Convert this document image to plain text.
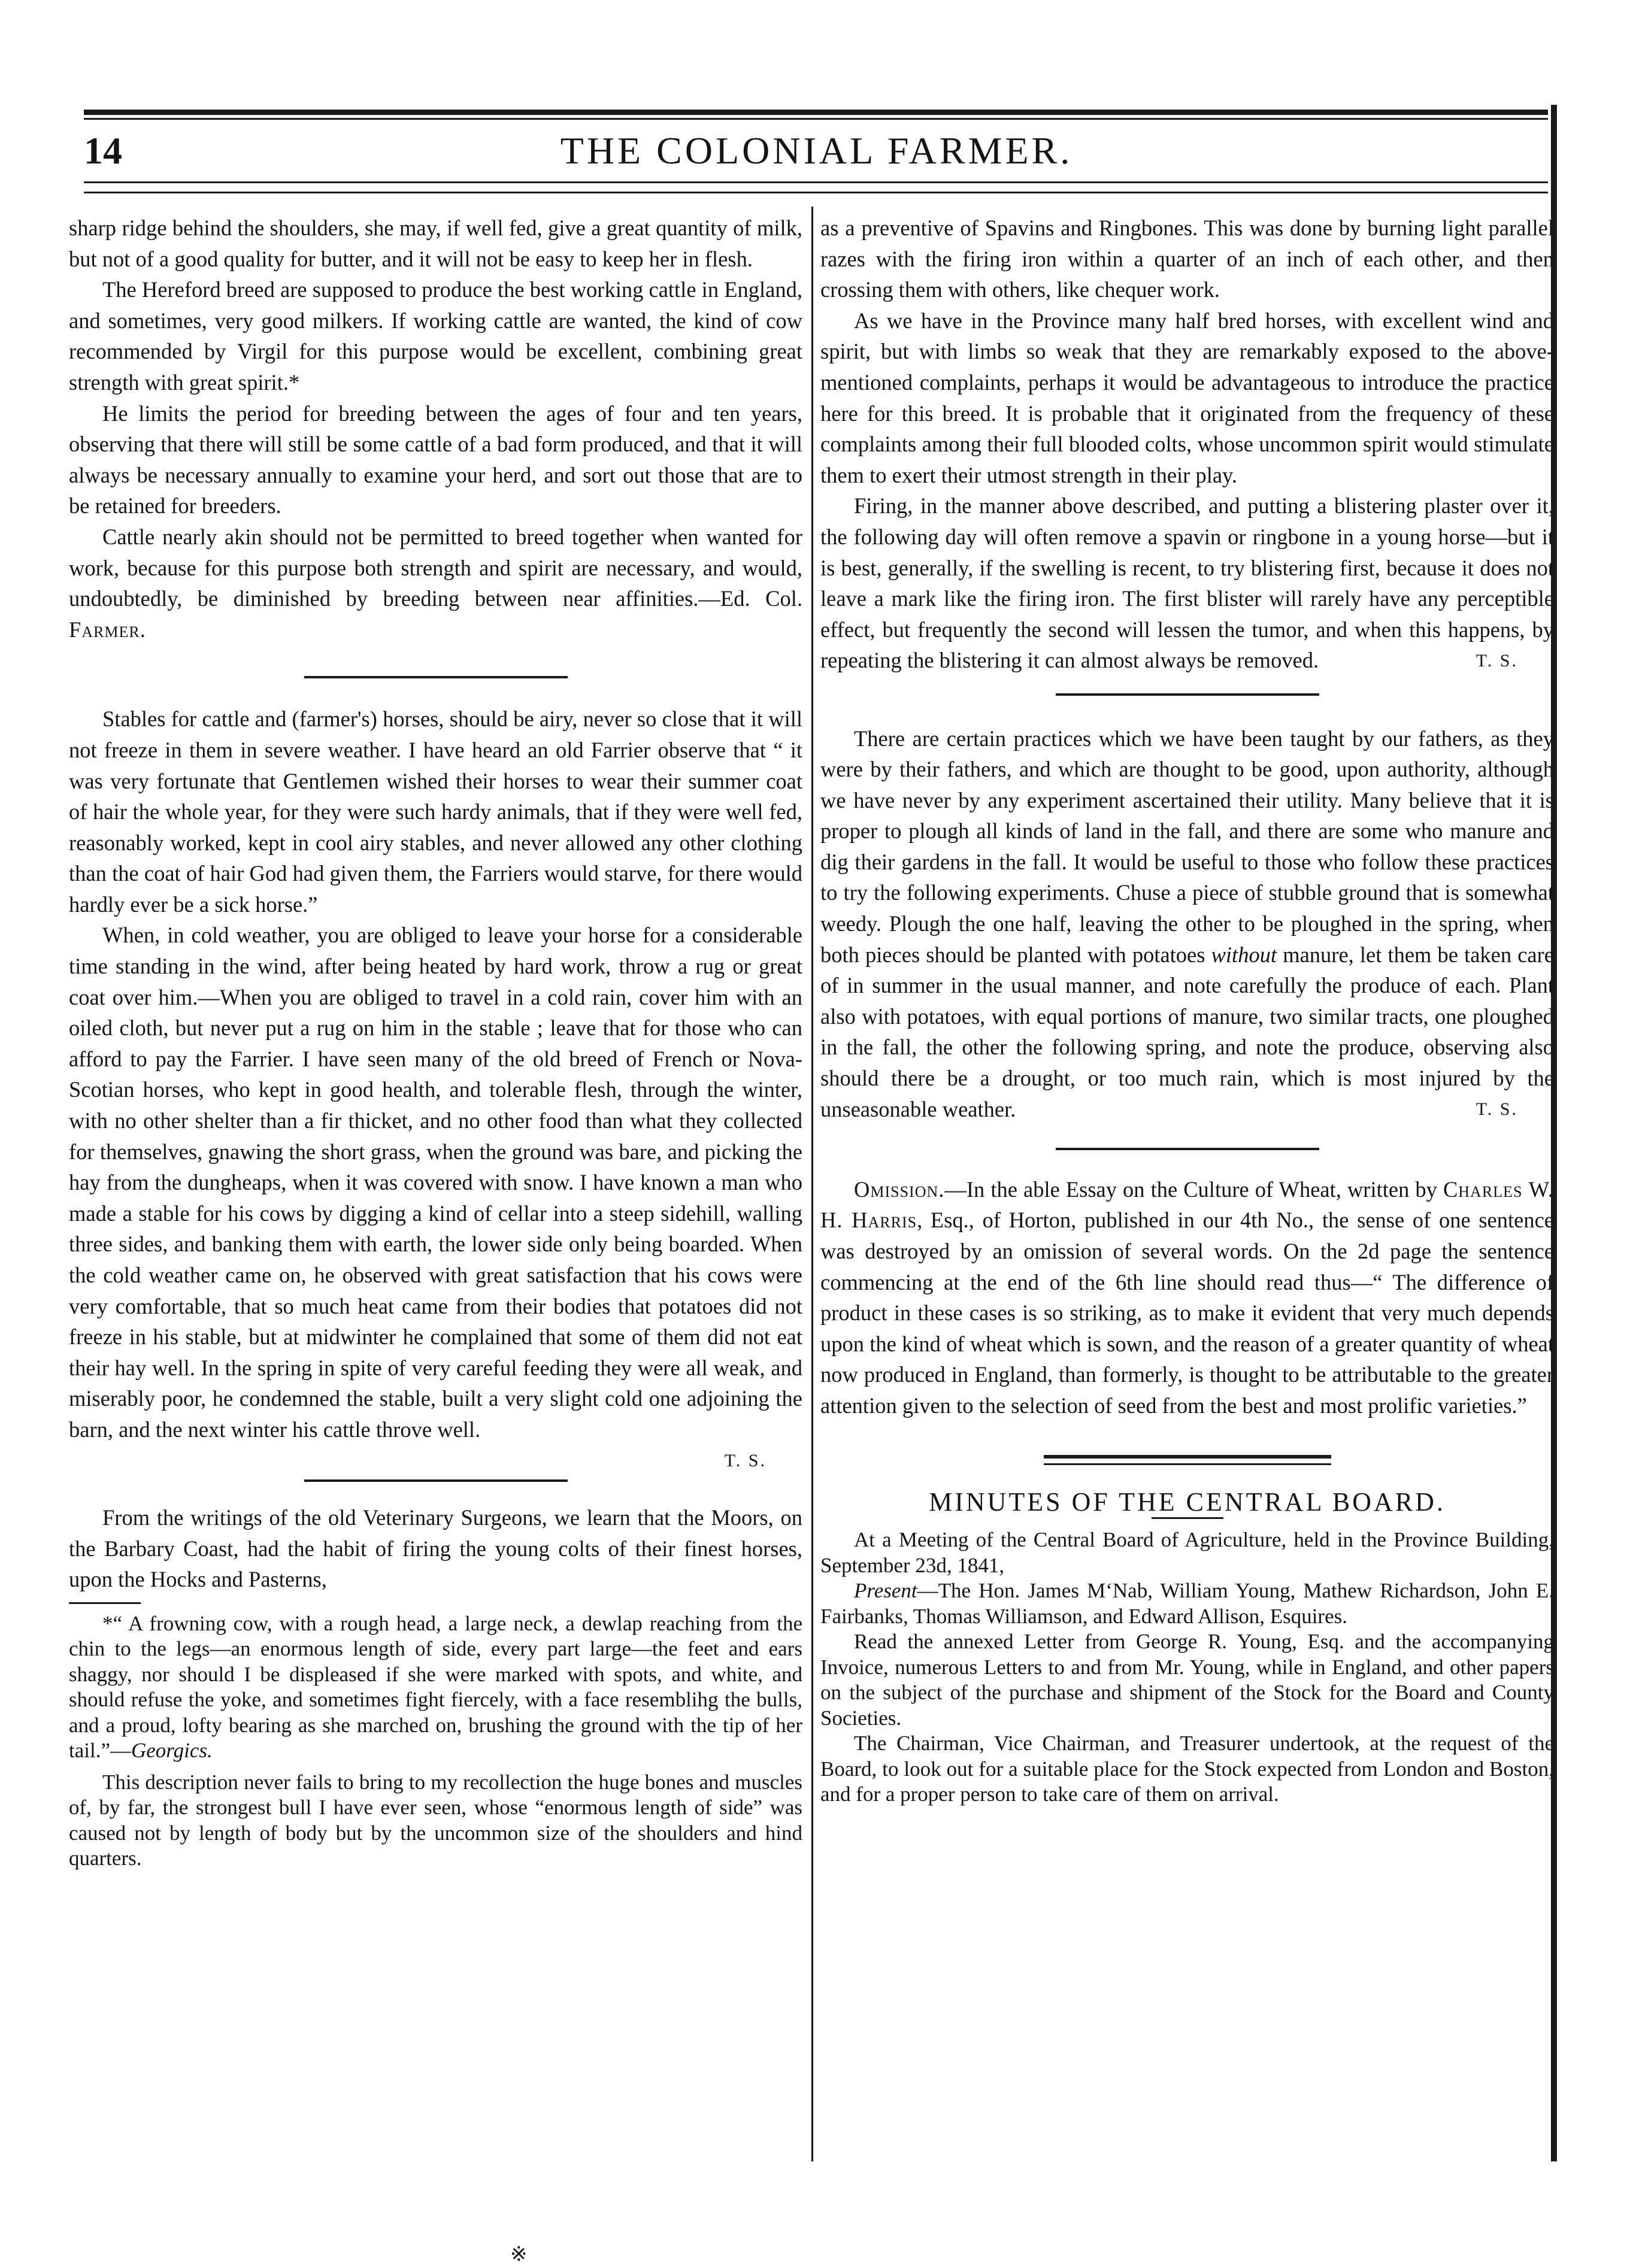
14	THE COLONIAL FARMER.

sharp ridge behind the shoulders, she may, if well fed, give a great quantity of milk, but not of a good quality for butter, and it will not be easy to keep her in flesh.

The Hereford breed are supposed to produce the best working cattle in England, and sometimes, very good milkers. If working cattle are wanted, the kind of cow recommended by Virgil for this purpose would be excellent, combining great strength with great spirit.*

He limits the period for breeding between the ages of four and ten years, observing that there will still be some cattle of a bad form produced, and that it will always be necessary annually to examine your herd, and sort out those that are to be retained for breeders.

Cattle nearly akin should not be permitted to breed together when wanted for work, because for this purpose both strength and spirit are necessary, and would, undoubtedly, be diminished by breeding between near affinities.—Ed. Col. Farmer.

Stables for cattle and (farmer's) horses, should be airy, never so close that it will not freeze in them in severe weather. I have heard an old Farrier observe that “ it was very fortunate that Gentlemen wished their horses to wear their summer coat of hair the whole year, for they were such hardy animals, that if they were well fed, reasonably worked, kept in cool airy stables, and never allowed any other clothing than the coat of hair God had given them, the Farriers would starve, for there would hardly ever be a sick horse.”

When, in cold weather, you are obliged to leave your horse for a considerable time standing in the wind, after being heated by hard work, throw a rug or great coat over him.—When you are obliged to travel in a cold rain, cover him with an oiled cloth, but never put a rug on him in the stable ; leave that for those who can afford to pay the Farrier. I have seen many of the old breed of French or Nova-Scotian horses, who kept in good health, and tolerable flesh, through the winter, with no other shelter than a fir thicket, and no other food than what they collected for themselves, gnawing the short grass, when the ground was bare, and picking the hay from the dungheaps, when it was covered with snow. I have known a man who made a stable for his cows by digging a kind of cellar into a steep sidehill, walling three sides, and banking them with earth, the lower side only being boarded. When the cold weather came on, he observed with great satisfaction that his cows were very comfortable, that so much heat came from their bodies that potatoes did not freeze in his stable, but at midwinter he complained that some of them did not eat their hay well. In the spring in spite of very careful feeding they were all weak, and miserably poor, he condemned the stable, built a very slight cold one adjoining the barn, and the next winter his cattle throve well.

T. S.

From the writings of the old Veterinary Surgeons, we learn that the Moors, on the Barbary Coast, had the habit of firing the young colts of their finest horses, upon the Hocks and Pasterns,

*“ A frowning cow, with a rough head, a large neck, a dewlap reaching from the chin to the legs—an enormous length of side, every part large—the feet and ears shaggy, nor should I be displeased if she were marked with spots, and white, and should refuse the yoke, and sometimes fight fiercely, with a face resemblihg the bulls, and a proud, lofty bearing as she marched on, brushing the ground with the tip of her tail.”—Georgics.

This description never fails to bring to my recollection the huge bones and muscles of, by far, the strongest bull I have ever seen, whose “enormous length of side” was caused not by length of body but by the uncommon size of the shoulders and hind quarters.

as a preventive of Spavins and Ringbones. This was done by burning light parallel razes with the firing iron within a quarter of an inch of each other, and then crossing them with others, like chequer work.

As we have in the Province many half bred horses, with excellent wind and spirit, but with limbs so weak that they are remarkably exposed to the above-mentioned complaints, perhaps it would be advantageous to introduce the practice here for this breed. It is probable that it originated from the frequency of these complaints among their full blooded colts, whose uncommon spirit would stimulate them to exert their utmost strength in their play.

Firing, in the manner above described, and putting a blistering plaster over it, the following day will often remove a spavin or ringbone in a young horse—but it is best, generally, if the swelling is recent, to try blistering first, because it does not leave a mark like the firing iron. The first blister will rarely have any perceptible effect, but frequently the second will lessen the tumor, and when this happens, by repeating the blistering it can almost always be removed.	T. S.

There are certain practices which we have been taught by our fathers, as they were by their fathers, and which are thought to be good, upon authority, although we have never by any experiment ascertained their utility. Many believe that it is proper to plough all kinds of land in the fall, and there are some who manure and dig their gardens in the fall. It would be useful to those who follow these practices to try the following experiments. Chuse a piece of stubble ground that is somewhat weedy. Plough the one half, leaving the other to be ploughed in the spring, when both pieces should be planted with potatoes without manure, let them be taken care of in summer in the usual manner, and note carefully the produce of each. Plant also with potatoes, with equal portions of manure, two similar tracts, one ploughed in the fall, the other the following spring, and note the produce, observing also should there be a drought, or too much rain, which is most injured by the unseasonable weather.	T. S.

Omission.—In the able Essay on the Culture of Wheat, written by Charles W. H. Harris, Esq., of Horton, published in our 4th No., the sense of one sentence was destroyed by an omission of several words. On the 2d page the sentence commencing at the end of the 6th line should read thus—“ The difference of product in these cases is so striking, as to make it evident that very much depends upon the kind of wheat which is sown, and the reason of a greater quantity of wheat now produced in England, than formerly, is thought to be attributable to the greater attention given to the selection of seed from the best and most prolific varieties.”

MINUTES OF THE CENTRAL BOARD.

At a Meeting of the Central Board of Agriculture, held in the Province Building, September 23d, 1841,

Present—The Hon. James M‘Nab, William Young, Mathew Richardson, John E. Fairbanks, Thomas Williamson, and Edward Allison, Esquires.

Read the annexed Letter from George R. Young, Esq. and the accompanying Invoice, numerous Letters to and from Mr. Young, while in England, and other papers on the subject of the purchase and shipment of the Stock for the Board and County Societies.

The Chairman, Vice Chairman, and Treasurer undertook, at the request of the Board, to look out for a suitable place for the Stock expected from London and Boston, and for a proper person to take care of them on arrival.

※
